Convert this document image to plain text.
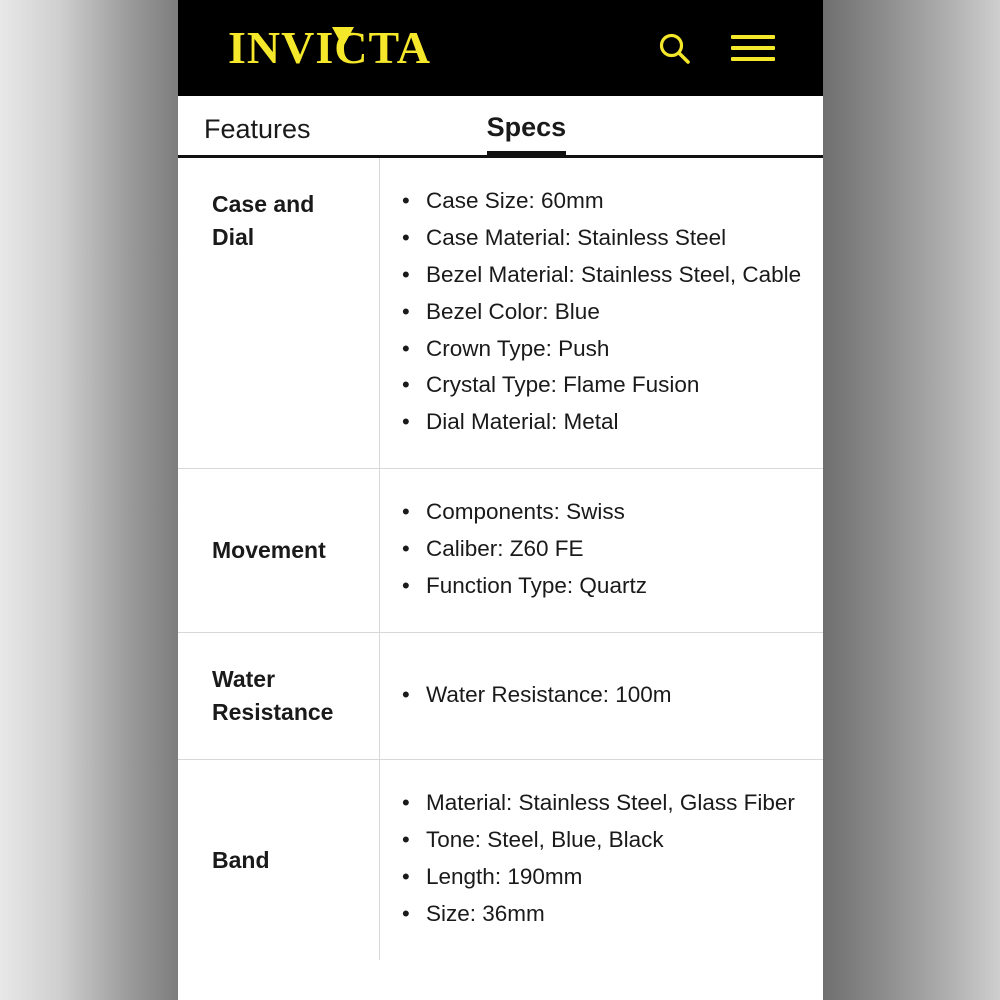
INVICTA
Features	Specs
Case and Dial
• Case Size: 60mm
• Case Material: Stainless Steel
• Bezel Material: Stainless Steel, Cable
• Bezel Color: Blue
• Crown Type: Push
• Crystal Type: Flame Fusion
• Dial Material: Metal
Movement
• Components: Swiss
• Caliber: Z60 FE
• Function Type: Quartz
Water Resistance
• Water Resistance: 100m
Band
• Material: Stainless Steel, Glass Fiber
• Tone: Steel, Blue, Black
• Length: 190mm
• Size: 36mm
